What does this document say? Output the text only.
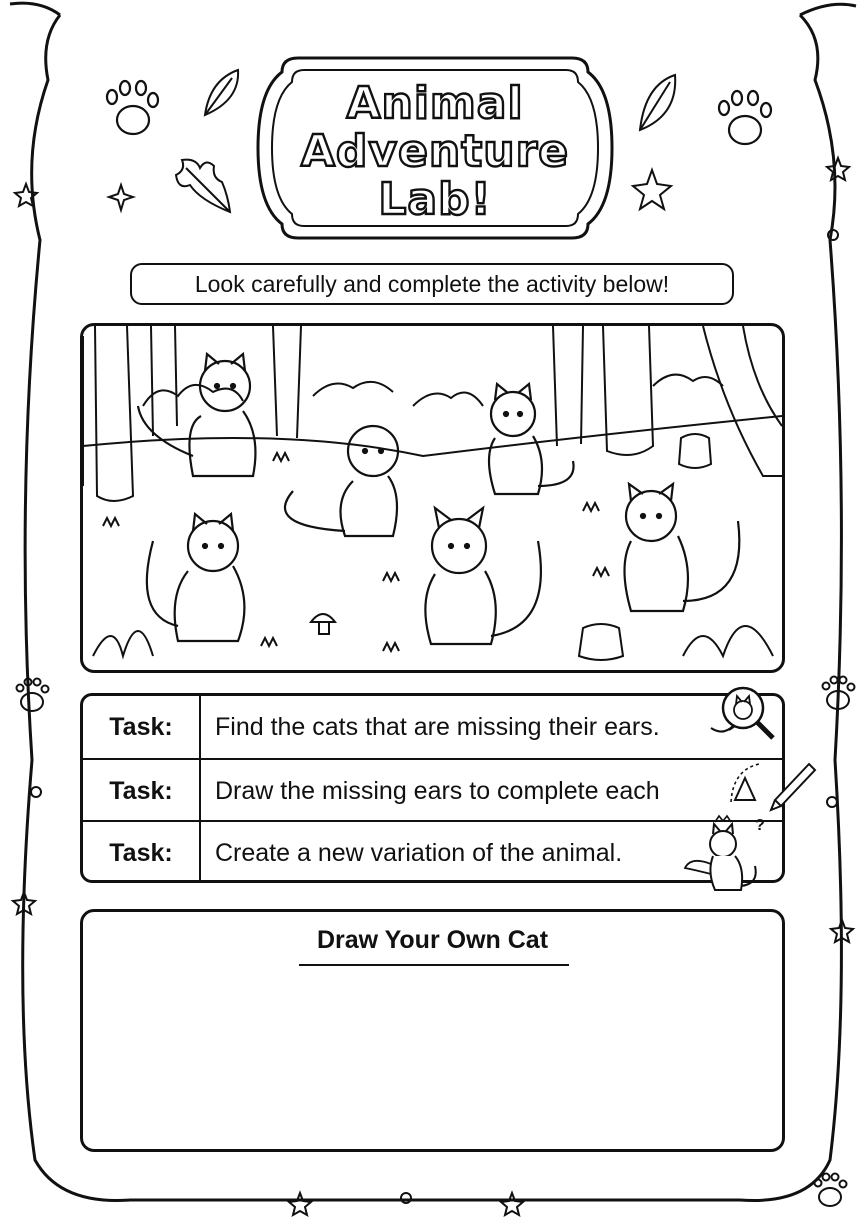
Animal
Adventure
Lab!
Look carefully and complete the activity below!
Task:	Find the cats that are missing their ears.
Task:	Draw the missing ears to complete each
Task:	Create a new variation of the animal.
?
Draw Your Own Cat
